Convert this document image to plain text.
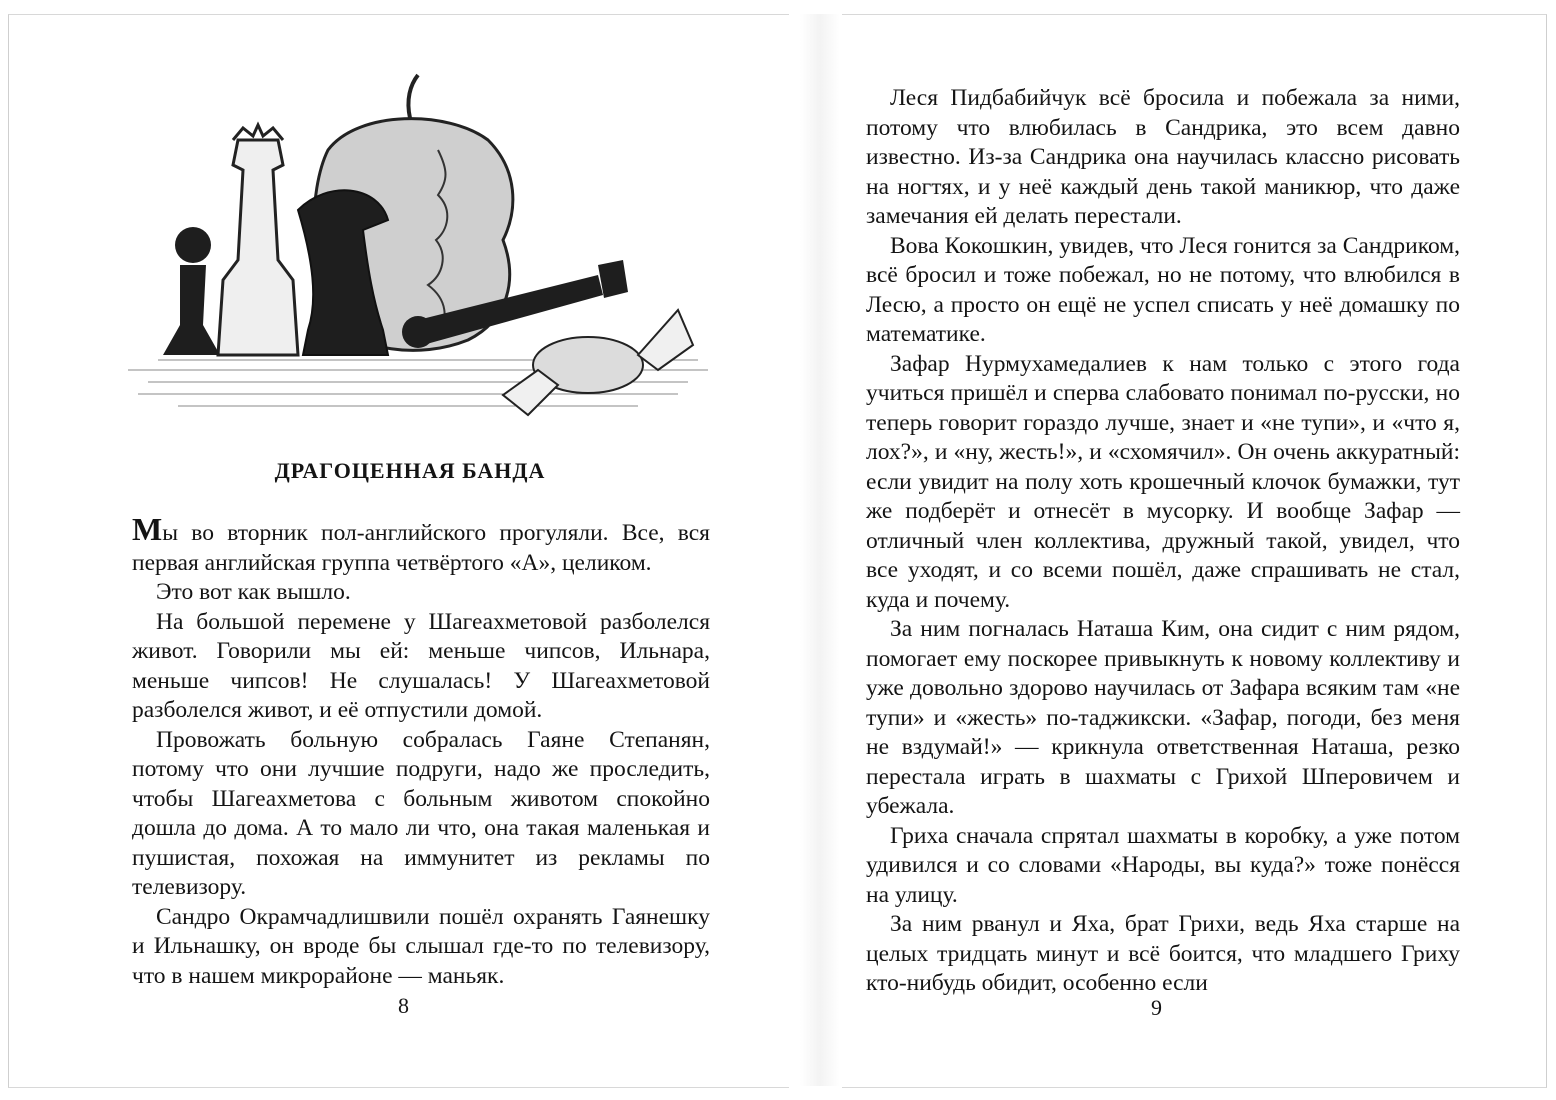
ДРАГОЦЕННАЯ БАНДА

Мы во вторник пол-английского прогуляли. Все, вся первая английская группа четвёртого «А», целиком.

Это вот как вышло.

На большой перемене у Шагеахметовой разболелся живот. Говорили мы ей: меньше чипсов, Ильнара, меньше чипсов! Не слушалась! У Шагеахметовой разболелся живот, и её отпустили домой.

Провожать больную собралась Гаяне Степанян, потому что они лучшие подруги, надо же проследить, чтобы Шагеахметова с больным животом спокойно дошла до дома. А то мало ли что, она такая маленькая и пушистая, похожая на иммунитет из рекламы по телевизору.

Сандро Окрамчадлишвили пошёл охранять Гаянешку и Ильнашку, он вроде бы слышал где-то по телевизору, что в нашем микрорайоне — маньяк.

8

Леся Пидбабийчук всё бросила и побежала за ними, потому что влюбилась в Сандрика, это всем давно известно. Из-за Сандрика она научилась классно рисовать на ногтях, и у неё каждый день такой маникюр, что даже замечания ей делать перестали.

Вова Кокошкин, увидев, что Леся гонится за Сандриком, всё бросил и тоже побежал, но не потому, что влюбился в Лесю, а просто он ещё не успел списать у неё домашку по математике.

Зафар Нурмухамедалиев к нам только с этого года учиться пришёл и сперва слабовато понимал по-русски, но теперь говорит гораздо лучше, знает и «не тупи», и «что я, лох?», и «ну, жесть!», и «схомячил». Он очень аккуратный: если увидит на полу хоть крошечный клочок бумажки, тут же подберёт и отнесёт в мусорку. И вообще Зафар — отличный член коллектива, дружный такой, увидел, что все уходят, и со всеми пошёл, даже спрашивать не стал, куда и почему.

За ним погналась Наташа Ким, она сидит с ним рядом, помогает ему поскорее привыкнуть к новому коллективу и уже довольно здорово научилась от Зафара всяким там «не тупи» и «жесть» по-таджикски. «Зафар, погоди, без меня не вздумай!» — крикнула ответственная Наташа, резко перестала играть в шахматы с Грихой Шперовичем и убежала.

Гриха сначала спрятал шахматы в коробку, а уже потом удивился и со словами «Народы, вы куда?» тоже понёсся на улицу.

За ним рванул и Яха, брат Грихи, ведь Яха старше на целых тридцать минут и всё боится, что младшего Гриху кто-нибудь обидит, особенно если

9
